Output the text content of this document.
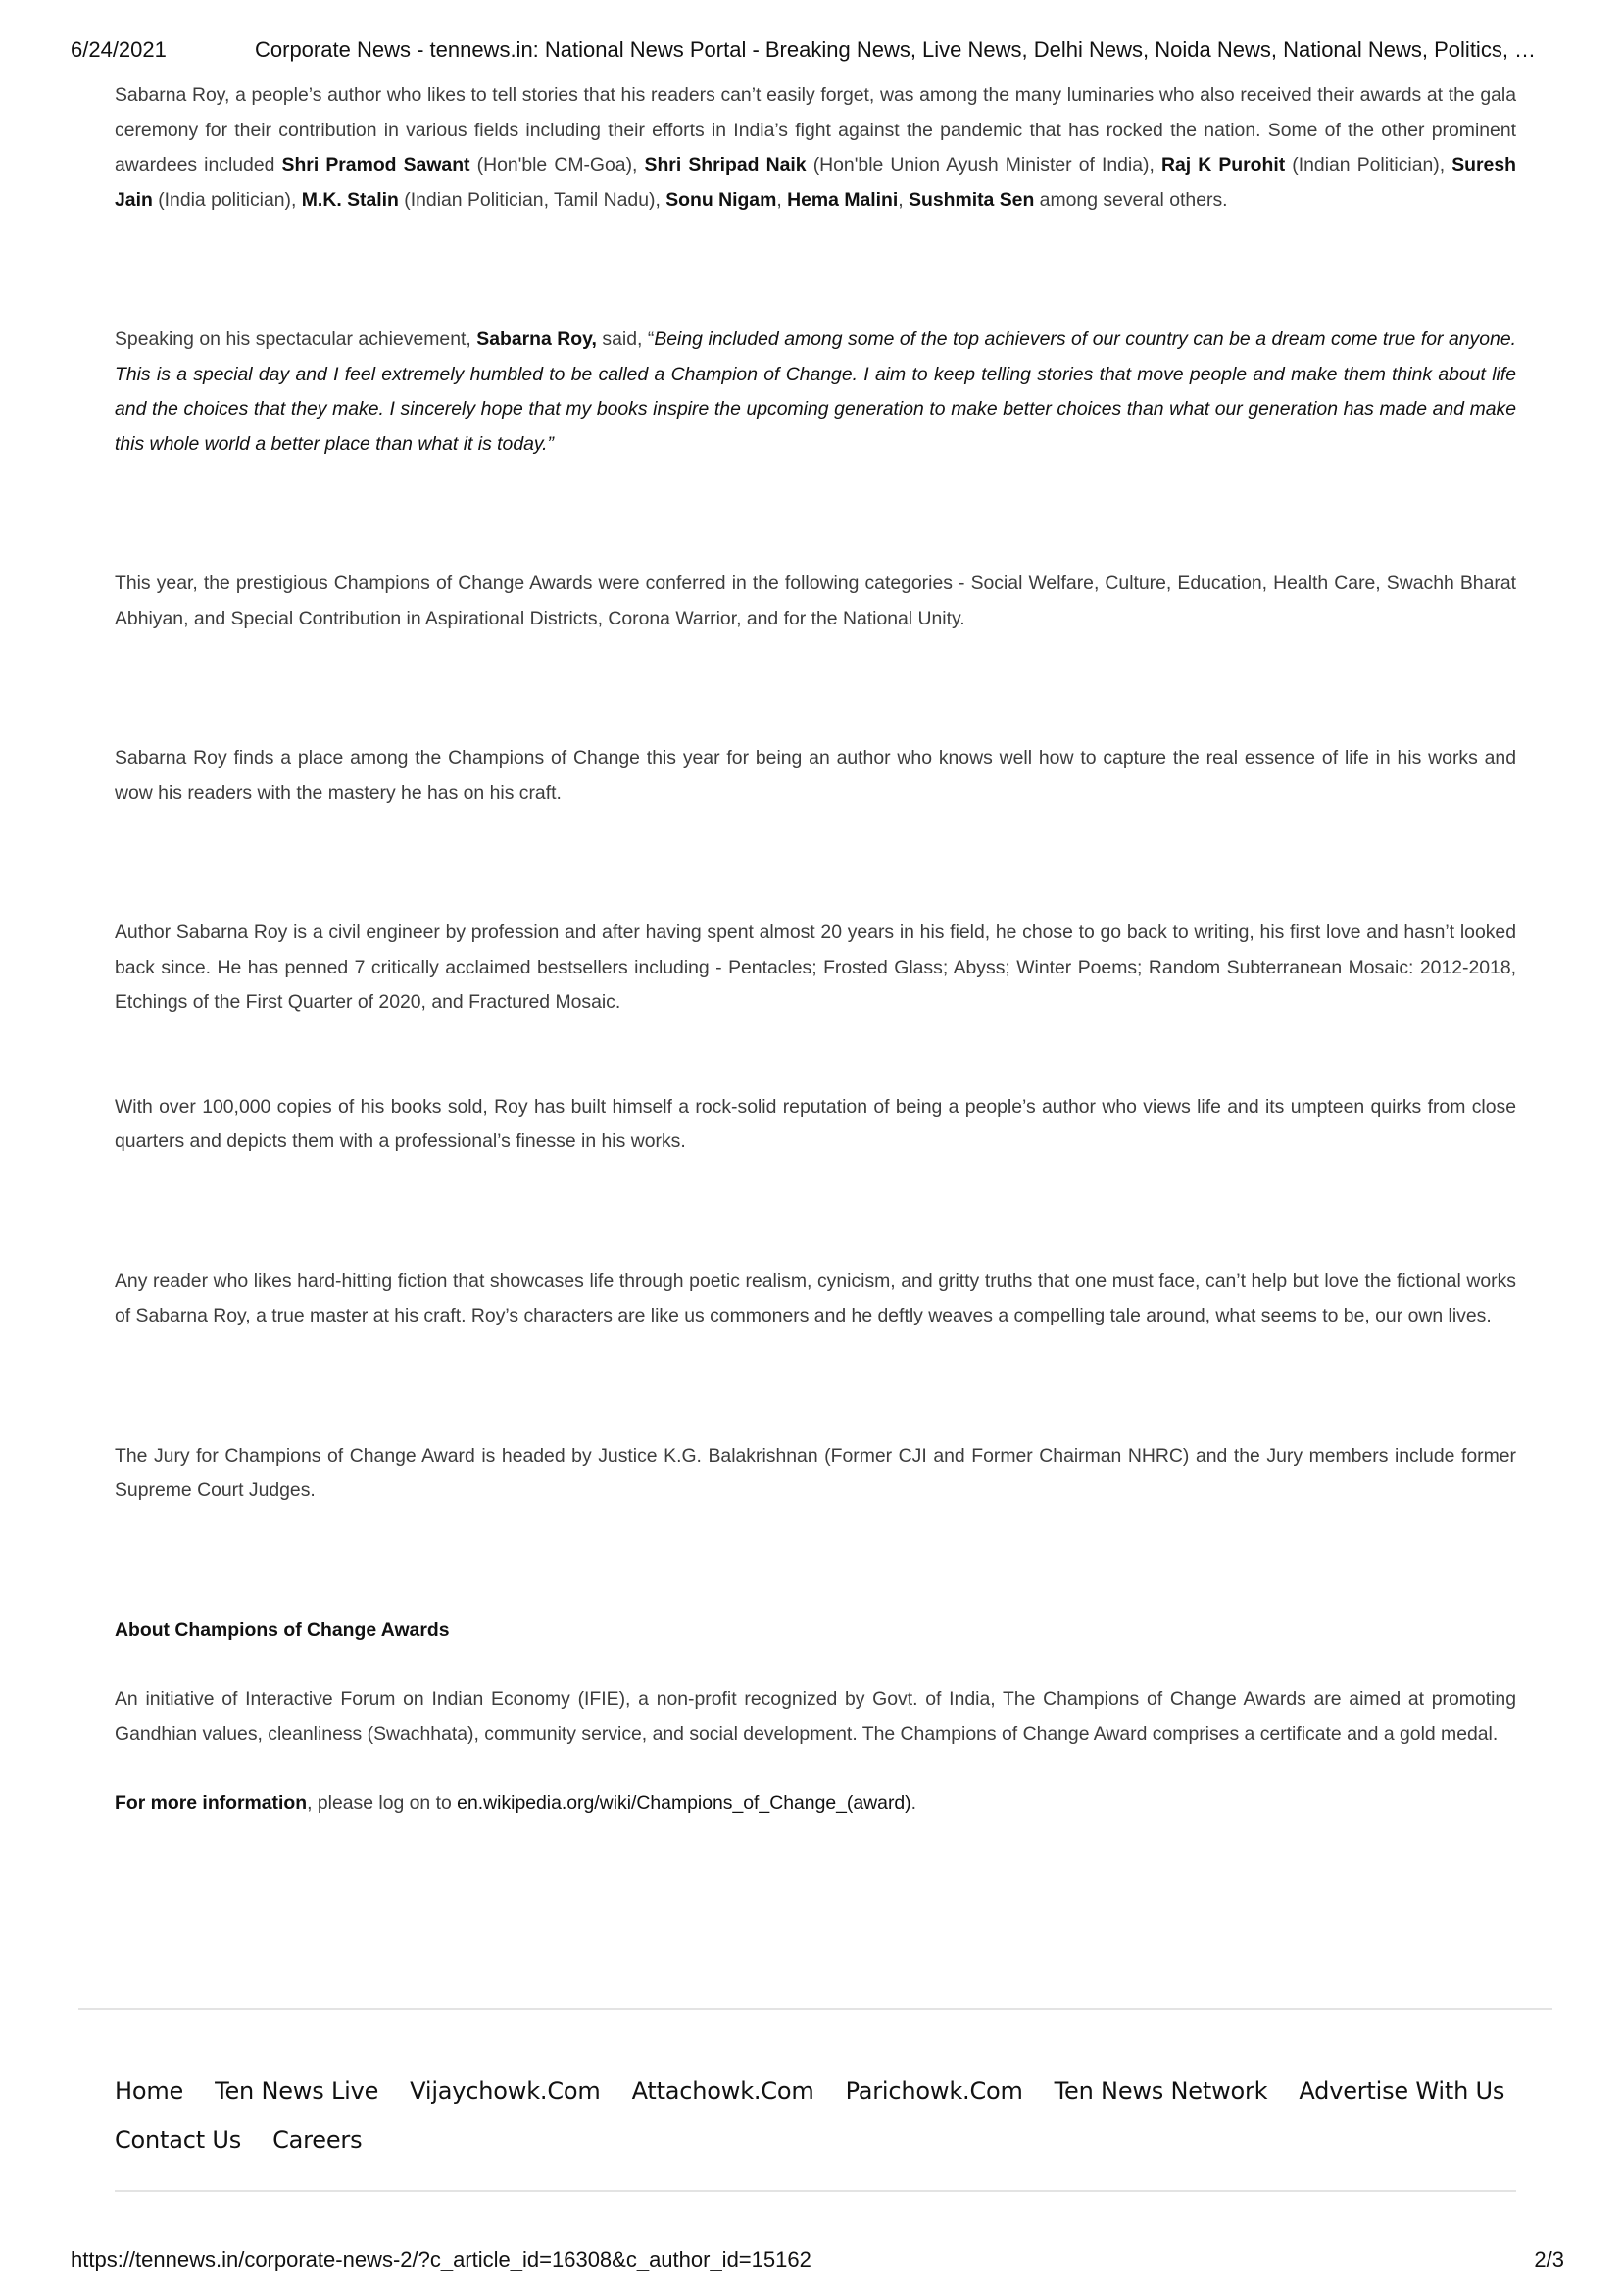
6/24/2021	Corporate News - tennews.in: National News Portal - Breaking News, Live News, Delhi News, Noida News, National News, Politics, …

Sabarna Roy, a people’s author who likes to tell stories that his readers can’t easily forget, was among the many luminaries who also received their awards at the gala ceremony for their contribution in various fields including their efforts in India’s fight against the pandemic that has rocked the nation. Some of the other prominent awardees included Shri Pramod Sawant (Hon'ble CM-Goa), Shri Shripad Naik (Hon'ble Union Ayush Minister of India), Raj K Purohit (Indian Politician), Suresh Jain (India politician), M.K. Stalin (Indian Politician, Tamil Nadu), Sonu Nigam, Hema Malini, Sushmita Sen among several others.

Speaking on his spectacular achievement, Sabarna Roy, said, “Being included among some of the top achievers of our country can be a dream come true for anyone. This is a special day and I feel extremely humbled to be called a Champion of Change. I aim to keep telling stories that move people and make them think about life and the choices that they make. I sincerely hope that my books inspire the upcoming generation to make better choices than what our generation has made and make this whole world a better place than what it is today.”

This year, the prestigious Champions of Change Awards were conferred in the following categories - Social Welfare, Culture, Education, Health Care, Swachh Bharat Abhiyan, and Special Contribution in Aspirational Districts, Corona Warrior, and for the National Unity.

Sabarna Roy finds a place among the Champions of Change this year for being an author who knows well how to capture the real essence of life in his works and wow his readers with the mastery he has on his craft.

Author Sabarna Roy is a civil engineer by profession and after having spent almost 20 years in his field, he chose to go back to writing, his first love and hasn’t looked back since. He has penned 7 critically acclaimed bestsellers including - Pentacles; Frosted Glass; Abyss; Winter Poems; Random Subterranean Mosaic: 2012-2018, Etchings of the First Quarter of 2020, and Fractured Mosaic.

With over 100,000 copies of his books sold, Roy has built himself a rock-solid reputation of being a people’s author who views life and its umpteen quirks from close quarters and depicts them with a professional’s finesse in his works.

Any reader who likes hard-hitting fiction that showcases life through poetic realism, cynicism, and gritty truths that one must face, can’t help but love the fictional works of Sabarna Roy, a true master at his craft. Roy’s characters are like us commoners and he deftly weaves a compelling tale around, what seems to be, our own lives.

The Jury for Champions of Change Award is headed by Justice K.G. Balakrishnan (Former CJI and Former Chairman NHRC) and the Jury members include former Supreme Court Judges.

About Champions of Change Awards

An initiative of Interactive Forum on Indian Economy (IFIE), a non-profit recognized by Govt. of India, The Champions of Change Awards are aimed at promoting Gandhian values, cleanliness (Swachhata), community service, and social development. The Champions of Change Award comprises a certificate and a gold medal.

For more information, please log on to en.wikipedia.org/wiki/Champions_of_Change_(award).

Home Ten News Live Vijaychowk.Com Attachowk.Com Parichowk.Com Ten News Network Advertise With Us
Contact Us Careers
https://tennews.in/corporate-news-2/?c_article_id=16308&c_author_id=15162	2/3
